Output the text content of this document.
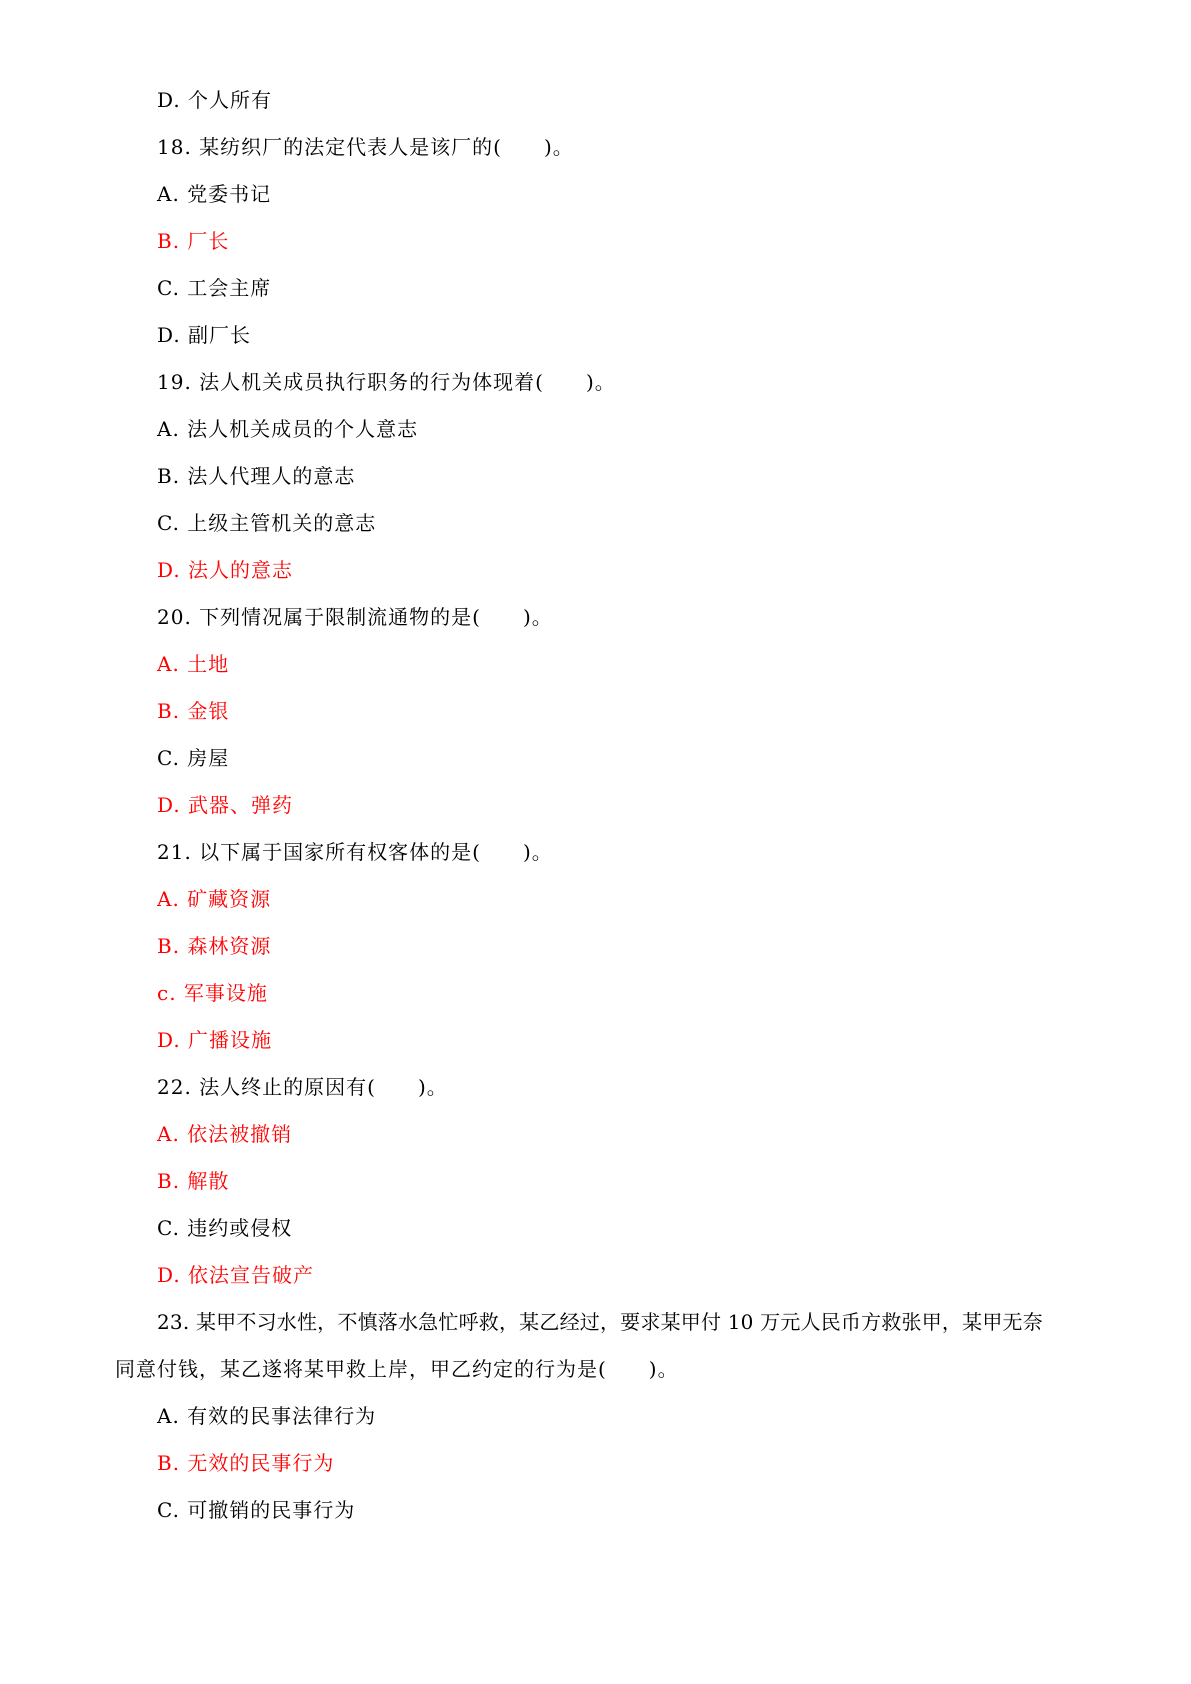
D. 个人所有
18. 某纺织厂的法定代表人是该厂的(　　)。
A. 党委书记
B. 厂长
C. 工会主席
D. 副厂长
19. 法人机关成员执行职务的行为体现着(　　)。
A. 法人机关成员的个人意志
B. 法人代理人的意志
C. 上级主管机关的意志
D. 法人的意志
20. 下列情况属于限制流通物的是(　　)。
A. 土地
B. 金银
C. 房屋
D. 武器、弹药
21. 以下属于国家所有权客体的是(　　)。
A. 矿藏资源
B. 森林资源
c. 军事设施
D. 广播设施
22. 法人终止的原因有(　　)。
A. 依法被撤销
B. 解散
C. 违约或侵权
D. 依法宣告破产
23. 某甲不习水性，不慎落水急忙呼救，某乙经过，要求某甲付 10 万元人民币方救张甲，某甲无奈
同意付钱，某乙遂将某甲救上岸，甲乙约定的行为是(　　)。
A. 有效的民事法律行为
B. 无效的民事行为
C. 可撤销的民事行为
